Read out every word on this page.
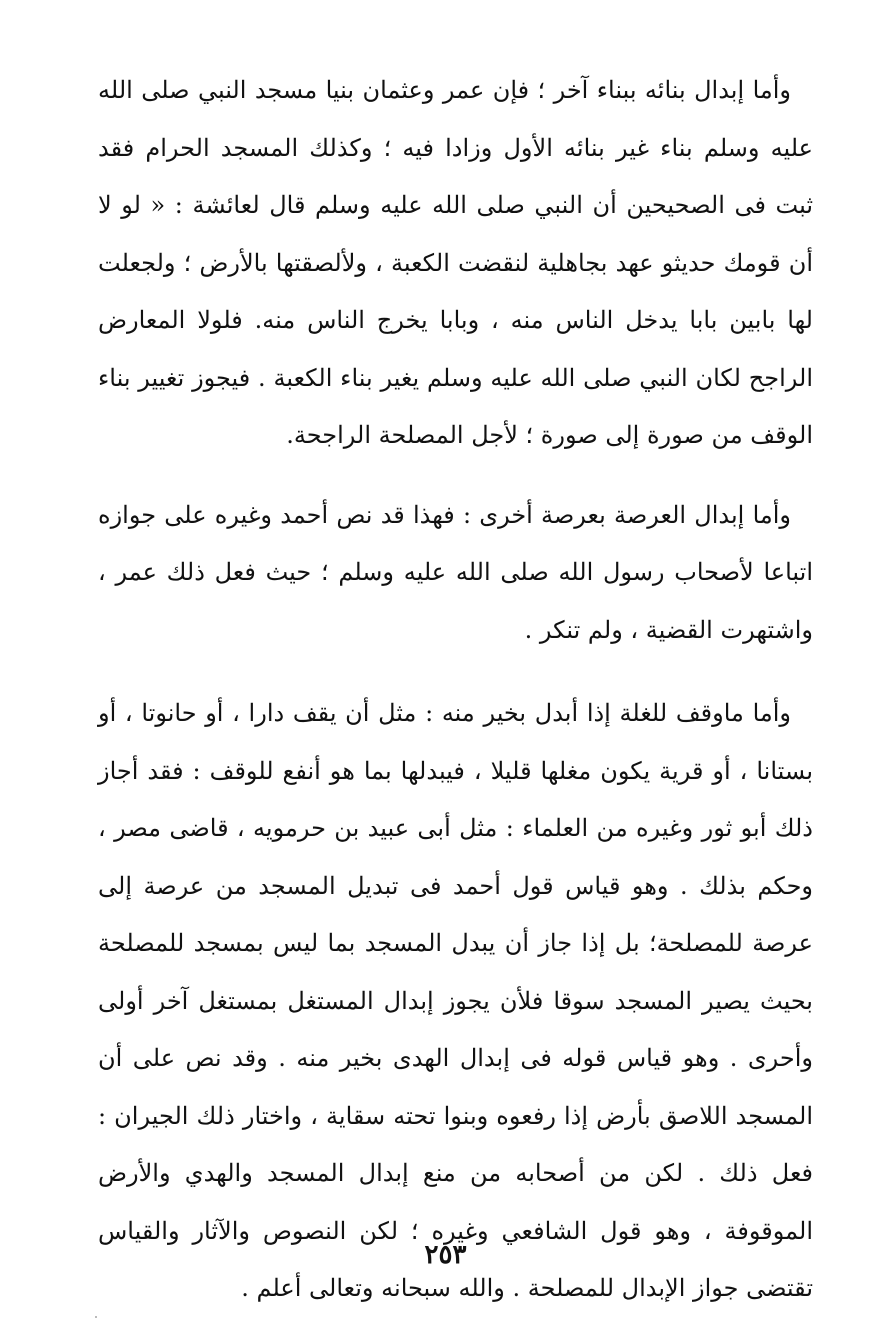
وأما إبدال بنائه ببناء آخر ؛ فإن عمر وعثمان بنيا مسجد النبي صلى الله عليه وسلم بناء غير بنائه الأول وزادا فيه ؛ وكذلك المسجد الحرام فقد ثبت فى الصحيحين أن النبي صلى الله عليه وسلم قال لعائشة : « لو لا أن قومك حديثو عهد بجاهلية لنقضت الكعبة ، ولألصقتها بالأرض ؛ ولجعلت لها بابين بابا يدخل الناس منه ، وبابا يخرج الناس منه. فلولا المعارض الراجح لكان النبي صلى الله عليه وسلم يغير بناء الكعبة . فيجوز تغيير بناء الوقف من صورة إلى صورة ؛ لأجل المصلحة الراجحة.

وأما إبدال العرصة بعرصة أخرى : فهذا قد نص أحمد وغيره على جوازه اتباعا لأصحاب رسول الله صلى الله عليه وسلم ؛ حيث فعل ذلك عمر ، واشتهرت القضية ، ولم تنكر .

وأما ماوقف للغلة إذا أبدل بخير منه : مثل أن يقف دارا ، أو حانوتا ، أو بستانا ، أو قرية يكون مغلها قليلا ، فيبدلها بما هو أنفع للوقف : فقد أجاز ذلك أبو ثور وغيره من العلماء : مثل أبى عبيد بن حرمويه ، قاضى مصر ، وحكم بذلك . وهو قياس قول أحمد فى تبديل المسجد من عرصة إلى عرصة للمصلحة؛ بل إذا جاز أن يبدل المسجد بما ليس بمسجد للمصلحة بحيث يصير المسجد سوقا فلأن يجوز إبدال المستغل بمستغل آخر أولى وأحرى . وهو قياس قوله فى إبدال الهدى بخير منه . وقد نص على أن المسجد اللاصق بأرض إذا رفعوه وبنوا تحته سقاية ، واختار ذلك الجيران : فعل ذلك . لكن من أصحابه من منع إبدال المسجد والهدي والأرض الموقوفة ، وهو قول الشافعي وغيره ؛ لكن النصوص والآثار والقياس تقتضى جواز الإبدال للمصلحة . والله سبحانه وتعالى أعلم .

٢٥٣
